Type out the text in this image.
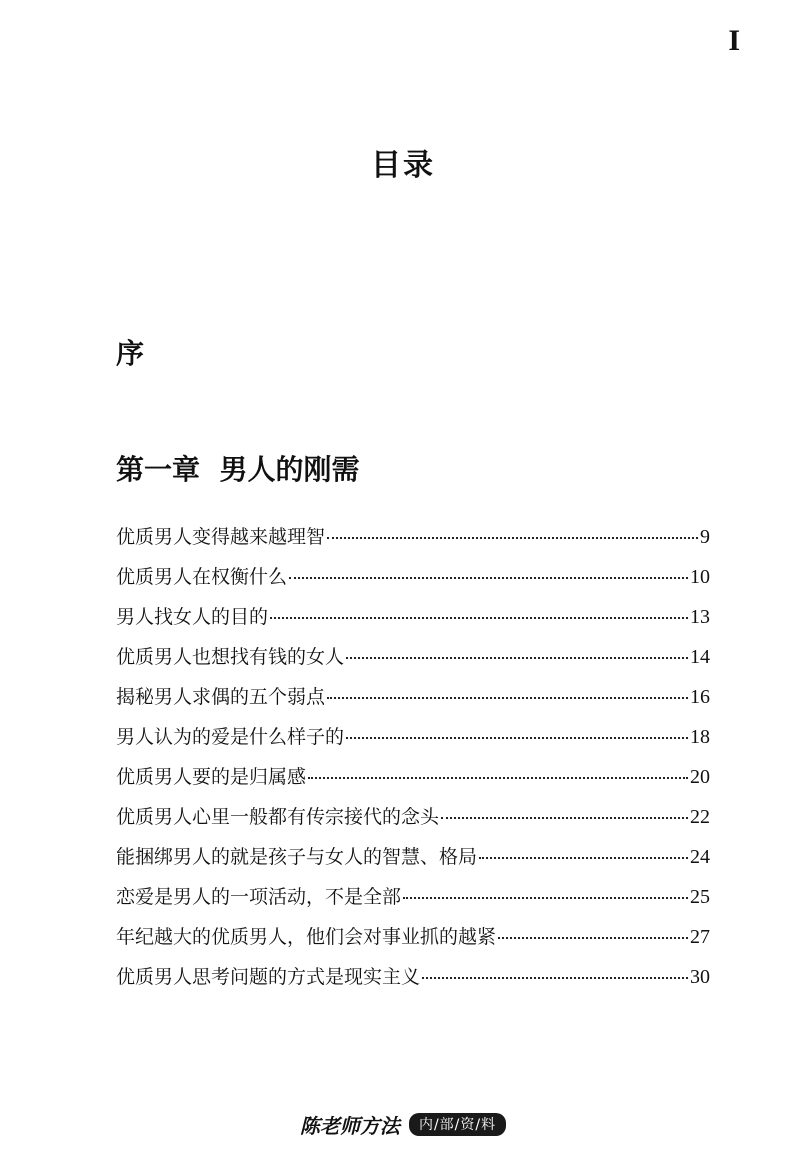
I
目录
序
第一章  男人的刚需
优质男人变得越来越理智	9
优质男人在权衡什么	10
男人找女人的目的	13
优质男人也想找有钱的女人	14
揭秘男人求偶的五个弱点	16
男人认为的爱是什么样子的	18
优质男人要的是归属感	20
优质男人心里一般都有传宗接代的念头	22
能捆绑男人的就是孩子与女人的智慧、格局	24
恋爱是男人的一项活动，不是全部	25
年纪越大的优质男人，他们会对事业抓的越紧	27
优质男人思考问题的方式是现实主义	30
陈老师方法 内/部/资/料
